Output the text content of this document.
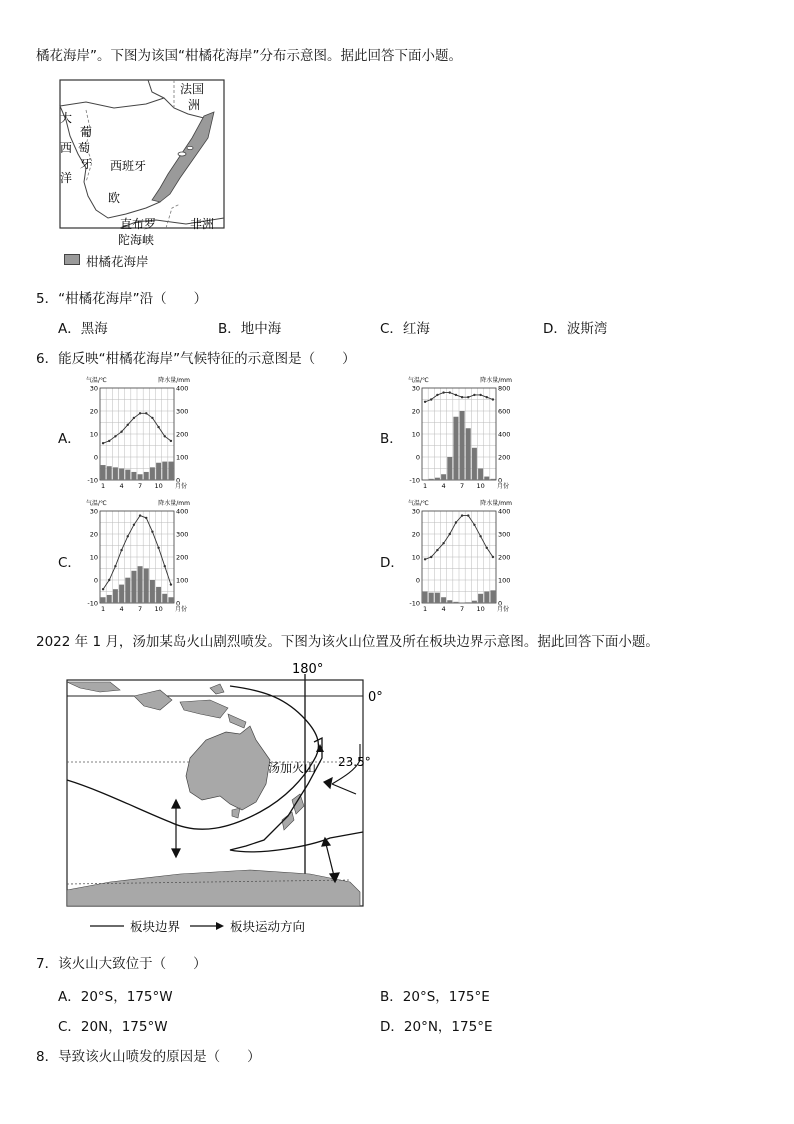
橘花海岸”。下图为该国“柑橘花海岸”分布示意图。据此回答下面小题。
法国
洲
大
西
洋
葡
萄
牙 西班牙
欧
直布罗
陀海峡
非洲
柑橘花海岸
5．“柑橘花海岸”沿（　　）
A．黑海	B．地中海	C．红海	D．波斯湾
6．能反映“柑橘花海岸”气候特征的示意图是（　　）
A．	B．
C．	D．
30
20
10
0
-10
400
300
200
100
0
1 4 7 10 月份
气温/℃	降水量/mm
30
20
10
0
-10
800
600
400
200
0
1 4 7 10 月份
气温/℃	降水量/mm
30
20
10
0
-10
400
300
200
100
0
1 4 7 10 月份
气温/℃	降水量/mm
30
20
10
0
-10
400
300
200
100
0
1 4 7 10 月份
气温/℃	降水量/mm
2022 年 1 月，汤加某岛火山剧烈喷发。下图为该火山位置及所在板块边界示意图。据此回答下面小题。
180°
0°
23.5°
汤加火山
板块边界	板块运动方向
7．该火山大致位于（　　）
A．20°S，175°W	B．20°S，175°E
C．20N，175°W	D．20°N，175°E
8．导致该火山喷发的原因是（　　）
